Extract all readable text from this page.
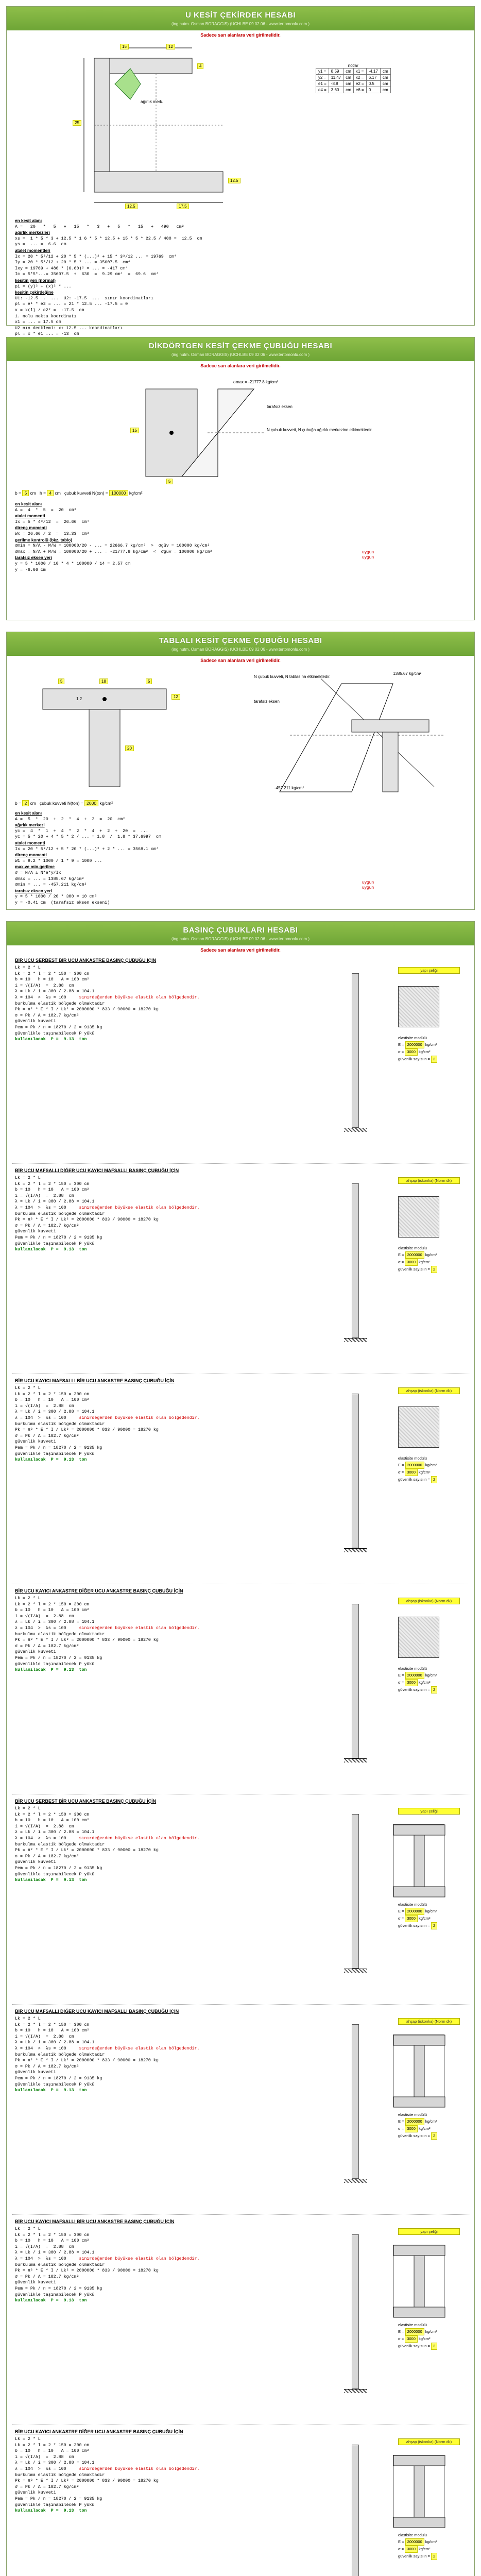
U KESİT ÇEKİRDEK HESABI
(ing.hutm. Osman BORAGGIS) (UCHLBE 09 02 06 - www.tertomonlu.com )
Sadece sarı alanlara veri girilmelidir.
15	12
4
25
ağırlık merk.
12.5	17.5
12.5
notlar
y1 =	8.59	cm	x1 =	-4.17	cm
y2 =	11.47	cm	x2 =	6.17	cm
e1 =	-8.8	cm	e2 =	0.5	cm
e4 =	3.60	cm	e6 =	0	cm
en kesit alanı
A =   20   *   5   +   15   *   3   +   5   *   15   +   490   cm²
ağırlık merkezleri
xs =  1 * 5 * 3 + 12.5 * 1 6 * 5 * 12.5 + 15 * 5 * 22.5 / 400 =  12.5  cm
ys =  ... =  6.6  cm
atalet momentleri
Ix = 20 * 5³/12 + 20 * 5 * (...)² + 15 * 3³/12 ... = 19769  cm⁴
Iy = 20 * 5³/12 + 20 * 5 * ... = 35607.5  cm⁴
Ixy = 19769 + 480 * (6.60)² = ... = -417 cm⁴
Ic = 5*5*...= 35607.5  +  630  =  9.29 cm⁴  =  69.6  cm⁴
kesitin yeri (normal)
pi = (y)² + (x)² * ...
kesitin çekirdeğine
U1: -12.5  ,  ...  U2: -17.5  ...  sınır koordinatları
pl = e¹ * e2 = ... = 21 * 12.5 ... -17.5 = 0
x = x(l) / e2² =  -17.5  cm
1. nolu nokta koordinatı
x1 = ... = 17.5 cm
U2 nın denklemi: x+ 12.5 ... koordinatları
pl = x * e1 ... = -13  cm
DİKDÖRTGEN KESİT ÇEKME ÇUBUĞU HESABI
(ing.hutm. Osman BORAGGIS) (UCHLBE 09 02 06 - www.tertomonlu.com )
Sadece sarı alanlara veri girilmelidir.
σmax = -21777.8 kg/cm²
tarafsız eksen
N çubuk kuvveti, N çubuğa ağırlık merkezine etkimektedir.
15
5
b = 5 cm h = 4 cm çubuk kuvveti N(ton) = 100000 kg/cm²
en kesit alanı
A =  4  *  5  =  20  cm²
atalet momenti
Ix = 5 * 4³/12  =  26.66  cm⁴
direnç momenti
Wx = 26.66 / 2  =  13.33  cm³
gerilme kontrolü (bkz. tablo)
σmin = N/A - M/W = 100000/20 - ... = 22666.7 kg/cm²  >  σgüv = 100000 kg/cm²
σmax = N/A + M/W = 100000/20 + ... = -21777.8 kg/cm²  <  σgüv = 100000 kg/cm²
tarafsız eksen yeri
y = 5 * 1000 / 10 * 4 * 100000 / 14 = 2.57 cm
y = -6.66 cm
uygun
uygun
TABLALI KESİT ÇEKME ÇUBUĞU HESABI
(ing.hutm. Osman BORAGGIS) (UCHLBE 09 02 06 - www.tertomonlu.com )
Sadece sarı alanlara veri girilmelidir.
N çubuk kuvveti, N tablasına etkimektedir.
tarafsız eksen
1385.67 kg/cm²
-457.211 kg/cm²
5	18	5
12
20
1.2
b = 2 cm çubuk kuvveti N(ton) = 2000 kg/cm²
en kesit alanı
A =  5  *  20  +  2  *  4  +  3  =  20  cm²
ağırlık merkezi
yc =  4  *  1  +  4  *  2  *  4  +  2  +  20  =  ...
yc = 5 * 20 + 4 * 5 * 2 / ... = 1.8  /  1.8 * 37.6997  cm
atalet momenti
Ix = 20 * 5³/12 + 5 * 20 * (...)² + 2 * ... = 3568.1 cm⁴
direnç momenti
W1 = 9.2 * 1000 / 1 * 9 = 1000 ...
max.ve min.gerilme
σ = N/A ± N*e*y/Ix
σmax = ... = 1385.67 kg/cm²
σmin = ... = -457.211 kg/cm²
tarafsız eksen yeri
y = 5 * 1000 / 20 * 300 = 10 cm²
y = -0.41 cm  (tarafsız eksen ekseni)
uygun
uygun
BASINÇ ÇUBUKLARI HESABI
(ing.hutm. Osman BORAGGIS) (UCHLBE 09 02 06 - www.tertomonlu.com )
Sadece sarı alanlara veri girilmelidir.
BİR UCU SERBEST BİR UCU ANKASTRE BASINÇ ÇUBUĞU İÇİN
Lk = 2 * L
Lk = 2 * l = 2 * 150 = 300 cm
b = 10   h = 10   A = 100 cm²
i = √(I/A)  =  2.88  cm
λ = Lk / i = 300 / 2.88 = 104.1
λ = 104  >  λs = 100     sınırdeğerden büyükse elastik olan bölgedendir.
burkulma elastik bölgede olmaktadır
Pk = π² * E * I / Lk² = 2000000 * 833 / 90000 = 18270 kg
σ = Pk / A = 182.7 kg/cm²
güvenlik kuvveti
Pem = Pk / n = 18270 / 2 = 9135 kg
güvenlikle taşınabilecek P yükü
kullanılacak  P =  9.13  ton
yapı çeliği
elastisite modülü
E = 2000000 kg/cm²
σ = 3000 kg/cm²
güvenlik sayısı n = 2
BİR UCU MAFSALLI DİĞER UCU KAYICI MAFSALLI BASINÇ ÇUBUĞU İÇİN
Lk = 2 * L
Lk = 2 * l = 2 * 150 = 300 cm
b = 10   h = 10   A = 100 cm²
i = √(I/A)  =  2.88  cm
λ = Lk / i = 300 / 2.88 = 104.1
λ = 104  >  λs = 100     sınırdeğerden büyükse elastik olan bölgedendir.
burkulma elastik bölgede olmaktadır
Pk = π² * E * I / Lk² = 2000000 * 833 / 90000 = 18270 kg
σ = Pk / A = 182.7 kg/cm²
güvenlik kuvveti
Pem = Pk / n = 18270 / 2 = 9135 kg
güvenlikle taşınabilecek P yükü
kullanılacak  P =  9.13  ton
ahşap (iskonka) (Norm dk)
elastisite modülü
E = 2000000 kg/cm²
σ = 3000 kg/cm²
güvenlik sayısı n = 2
BİR UCU KAYICI MAFSALLI BİR UCU ANKASTRE BASINÇ ÇUBUĞU İÇİN
Lk = 2 * L
Lk = 2 * l = 2 * 150 = 300 cm
b = 10   h = 10   A = 100 cm²
i = √(I/A)  =  2.88  cm
λ = Lk / i = 300 / 2.88 = 104.1
λ = 104  >  λs = 100     sınırdeğerden büyükse elastik olan bölgedendir.
burkulma elastik bölgede olmaktadır
Pk = π² * E * I / Lk² = 2000000 * 833 / 90000 = 18270 kg
σ = Pk / A = 182.7 kg/cm²
güvenlik kuvveti
Pem = Pk / n = 18270 / 2 = 9135 kg
güvenlikle taşınabilecek P yükü
kullanılacak  P =  9.13  ton
ahşap (iskonka) (Norm dk)
elastisite modülü
E = 2000000 kg/cm²
σ = 3000 kg/cm²
güvenlik sayısı n = 2
BİR UCU KAYICI ANKASTRE DİĞER UCU ANKASTRE BASINÇ ÇUBUĞU İÇİN
Lk = 2 * L
Lk = 2 * l = 2 * 150 = 300 cm
b = 10   h = 10   A = 100 cm²
i = √(I/A)  =  2.88  cm
λ = Lk / i = 300 / 2.88 = 104.1
λ = 104  >  λs = 100     sınırdeğerden büyükse elastik olan bölgedendir.
burkulma elastik bölgede olmaktadır
Pk = π² * E * I / Lk² = 2000000 * 833 / 90000 = 18270 kg
σ = Pk / A = 182.7 kg/cm²
güvenlik kuvveti
Pem = Pk / n = 18270 / 2 = 9135 kg
güvenlikle taşınabilecek P yükü
kullanılacak  P =  9.13  ton
ahşap (iskonka) (Norm dk)
elastisite modülü
E = 2000000 kg/cm²
σ = 3000 kg/cm²
güvenlik sayısı n = 2
BİR UCU SERBEST BİR UCU ANKASTRE BASINÇ ÇUBUĞU İÇİN
Lk = 2 * L
Lk = 2 * l = 2 * 150 = 300 cm
b = 10   h = 10   A = 100 cm²
i = √(I/A)  =  2.88  cm
λ = Lk / i = 300 / 2.88 = 104.1
λ = 104  >  λs = 100     sınırdeğerden büyükse elastik olan bölgedendir.
burkulma elastik bölgede olmaktadır
Pk = π² * E * I / Lk² = 2000000 * 833 / 90000 = 18270 kg
σ = Pk / A = 182.7 kg/cm²
güvenlik kuvveti
Pem = Pk / n = 18270 / 2 = 9135 kg
güvenlikle taşınabilecek P yükü
kullanılacak  P =  9.13  ton
yapı çeliği
elastisite modülü
E = 2000000 kg/cm²
σ = 3000 kg/cm²
güvenlik sayısı n = 2
BİR UCU MAFSALLI DİĞER UCU KAYICI MAFSALLI BASINÇ ÇUBUĞU İÇİN
Lk = 2 * L
Lk = 2 * l = 2 * 150 = 300 cm
b = 10   h = 10   A = 100 cm²
i = √(I/A)  =  2.88  cm
λ = Lk / i = 300 / 2.88 = 104.1
λ = 104  >  λs = 100     sınırdeğerden büyükse elastik olan bölgedendir.
burkulma elastik bölgede olmaktadır
Pk = π² * E * I / Lk² = 2000000 * 833 / 90000 = 18270 kg
σ = Pk / A = 182.7 kg/cm²
güvenlik kuvveti
Pem = Pk / n = 18270 / 2 = 9135 kg
güvenlikle taşınabilecek P yükü
kullanılacak  P =  9.13  ton
ahşap (iskonka) (Norm dk)
elastisite modülü
E = 2000000 kg/cm²
σ = 3000 kg/cm²
güvenlik sayısı n = 2
BİR UCU KAYICI MAFSALLI BİR UCU ANKASTRE BASINÇ ÇUBUĞU İÇİN
Lk = 2 * L
Lk = 2 * l = 2 * 150 = 300 cm
b = 10   h = 10   A = 100 cm²
i = √(I/A)  =  2.88  cm
λ = Lk / i = 300 / 2.88 = 104.1
λ = 104  >  λs = 100     sınırdeğerden büyükse elastik olan bölgedendir.
burkulma elastik bölgede olmaktadır
Pk = π² * E * I / Lk² = 2000000 * 833 / 90000 = 18270 kg
σ = Pk / A = 182.7 kg/cm²
güvenlik kuvveti
Pem = Pk / n = 18270 / 2 = 9135 kg
güvenlikle taşınabilecek P yükü
kullanılacak  P =  9.13  ton
yapı çeliği
elastisite modülü
E = 2000000 kg/cm²
σ = 3000 kg/cm²
güvenlik sayısı n = 2
BİR UCU KAYICI ANKASTRE DİĞER UCU ANKASTRE BASINÇ ÇUBUĞU İÇİN
Lk = 2 * L
Lk = 2 * l = 2 * 150 = 300 cm
b = 10   h = 10   A = 100 cm²
i = √(I/A)  =  2.88  cm
λ = Lk / i = 300 / 2.88 = 104.1
λ = 104  >  λs = 100     sınırdeğerden büyükse elastik olan bölgedendir.
burkulma elastik bölgede olmaktadır
Pk = π² * E * I / Lk² = 2000000 * 833 / 90000 = 18270 kg
σ = Pk / A = 182.7 kg/cm²
güvenlik kuvveti
Pem = Pk / n = 18270 / 2 = 9135 kg
güvenlikle taşınabilecek P yükü
kullanılacak  P =  9.13  ton
ahşap (iskonka) (Norm dk)
elastisite modülü
E = 2000000 kg/cm²
σ = 3000 kg/cm²
güvenlik sayısı n = 2
